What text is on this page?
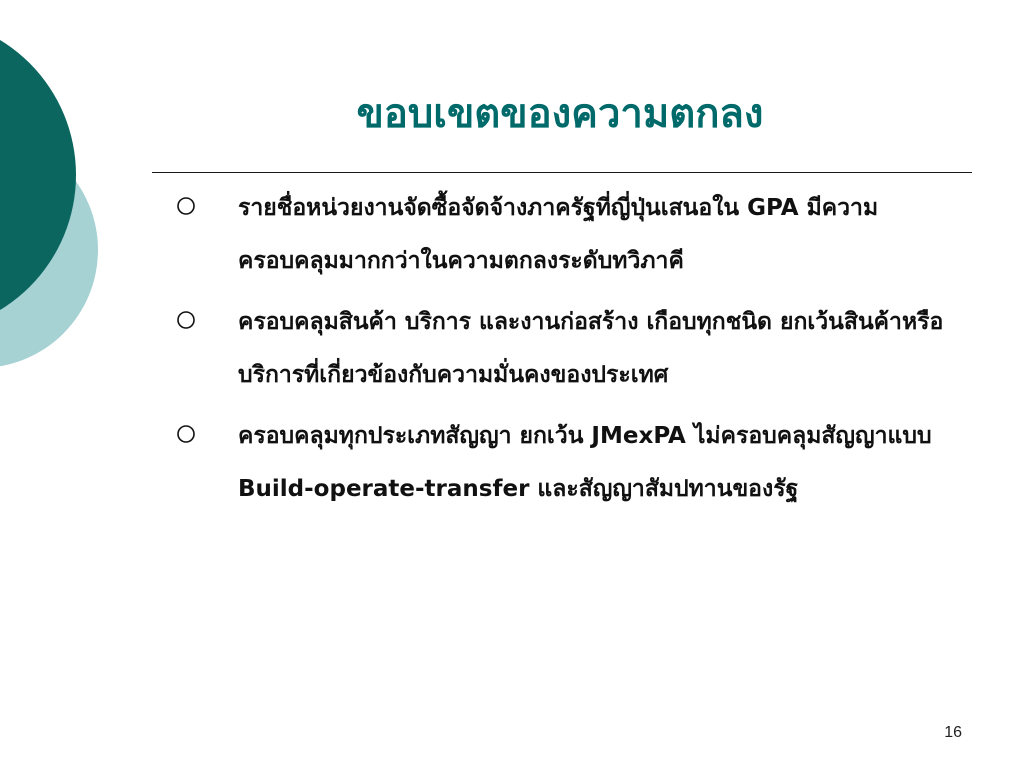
ขอบเขตของความตกลง
รายชื่อหน่วยงานจัดซื้อจัดจ้างภาครัฐที่ญี่ปุ่นเสนอใน GPA มีความครอบคลุมมากกว่าในความตกลงระดับทวิภาคี
ครอบคลุมสินค้า บริการ และงานก่อสร้าง เกือบทุกชนิด ยกเว้นสินค้าหรือบริการที่เกี่ยวข้องกับความมั่นคงของประเทศ
ครอบคลุมทุกประเภทสัญญา ยกเว้น JMexPA ไม่ครอบคลุมสัญญาแบบ Build-operate-transfer และสัญญาสัมปทานของรัฐ
16
